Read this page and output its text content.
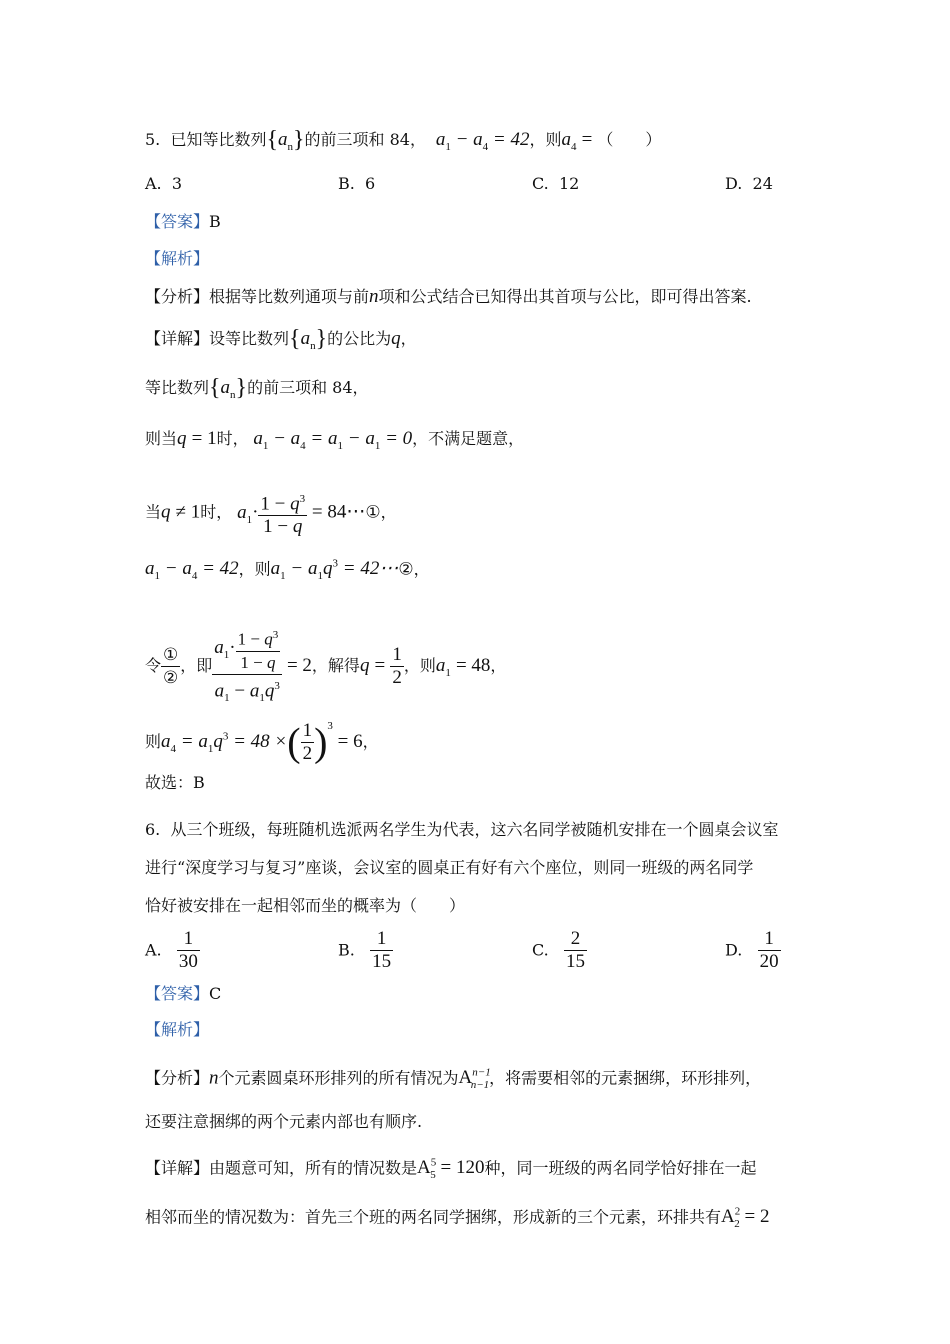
5. 已知等比数列$\{a_n\}$的前三项和 84，  $a_1 - a_4 = 42$，则$a_4$ = （　　）
A. 3	B. 6	C. 12	D. 24
【答案】B
【解析】
【分析】根据等比数列通项与前n项和公式结合已知得出其首项与公比，即可得出答案.
【详解】设等比数列$\{a_n\}$的公比为q，
等比数列$\{a_n\}$的前三项和 84，
则当q = 1时， $a_1 - a_4 = a_1 - a_1 = 0$，不满足题意，
当q ≠ 1时， $a_1\cdot \frac{1 - q^3}{1 - q}$ = 84⋯①，
$a_1 - a_4 = 42$，则$a_1 - a_1q^3$ = 42⋯②，
令 $\frac{\text{①}}{\text{②}}$ ，即 $\frac{a_1\cdot \frac{1 - q^3}{1 - q}}{a_1 - a_1q^3} = 2$，解得$q = \frac{1}{2}$ ，则$a_1 = 48$，
则$a_4 = a_1q^3 = 48$ ×( $\frac{1}{2} )^3 = 6$，
故选：B
6. 从三个班级，每班随机选派两名学生为代表，这六名同学被随机安排在一个圆桌会议室
进行“深度学习与复习”座谈，会议室的圆桌正有好有六个座位，则同一班级的两名同学
恰好被安排在一起相邻而坐的概率为（　　）
A. $\frac{1}{30}$	B. $\frac{1}{15}$	C. $\frac{2}{15}$	D. $\frac{1}{20}$
【答案】C
【解析】
【分析】n个元素圆桌环形排列的所有情况为$A^{n-1}_{n-1}$，将需要相邻的元素捆绑，环形排列，
还要注意捆绑的两个元素内部也有顺序.
【详解】由题意可知，所有的情况数是$A^5_5 = 120$种，同一班级的两名同学恰好排在一起
相邻而坐的情况数为：首先三个班的两名同学捆绑，形成新的三个元素，环排共有$A^2_2 = 2$
